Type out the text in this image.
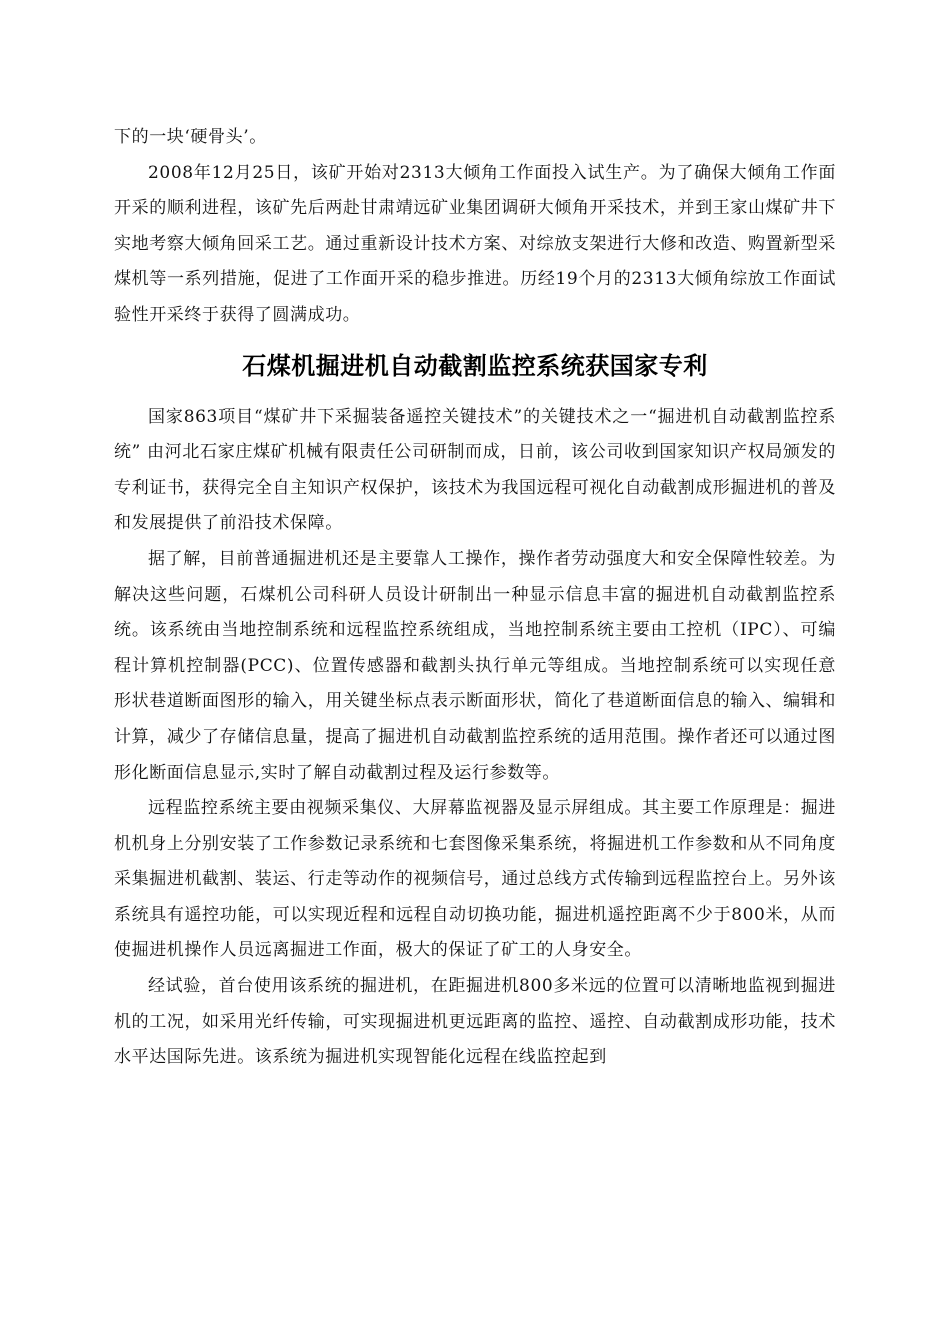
下的一块‘硬骨头’。

2008年12月25日，该矿开始对2313大倾角工作面投入试生产。为了确保大倾角工作面开采的顺利进程，该矿先后两赴甘肃靖远矿业集团调研大倾角开采技术，并到王家山煤矿井下实地考察大倾角回采工艺。通过重新设计技术方案、对综放支架进行大修和改造、购置新型采煤机等一系列措施，促进了工作面开采的稳步推进。历经19个月的2313大倾角综放工作面试验性开采终于获得了圆满成功。

石煤机掘进机自动截割监控系统获国家专利

国家863项目“煤矿井下采掘装备遥控关键技术”的关键技术之一“掘进机自动截割监控系统” 由河北石家庄煤矿机械有限责任公司研制而成，日前，该公司收到国家知识产权局颁发的专利证书，获得完全自主知识产权保护，该技术为我国远程可视化自动截割成形掘进机的普及和发展提供了前沿技术保障。

据了解，目前普通掘进机还是主要靠人工操作，操作者劳动强度大和安全保障性较差。为解决这些问题，石煤机公司科研人员设计研制出一种显示信息丰富的掘进机自动截割监控系统。该系统由当地控制系统和远程监控系统组成，当地控制系统主要由工控机（IPC）、可编程计算机控制器(PCC)、位置传感器和截割头执行单元等组成。当地控制系统可以实现任意形状巷道断面图形的输入，用关键坐标点表示断面形状，简化了巷道断面信息的输入、编辑和计算，减少了存储信息量，提高了掘进机自动截割监控系统的适用范围。操作者还可以通过图形化断面信息显示,实时了解自动截割过程及运行参数等。

远程监控系统主要由视频采集仪、大屏幕监视器及显示屏组成。其主要工作原理是：掘进机机身上分别安装了工作参数记录系统和七套图像采集系统，将掘进机工作参数和从不同角度采集掘进机截割、装运、行走等动作的视频信号，通过总线方式传输到远程监控台上。另外该系统具有遥控功能，可以实现近程和远程自动切换功能，掘进机遥控距离不少于800米，从而使掘进机操作人员远离掘进工作面，极大的保证了矿工的人身安全。

经试验，首台使用该系统的掘进机，在距掘进机800多米远的位置可以清晰地监视到掘进机的工况，如采用光纤传输，可实现掘进机更远距离的监控、遥控、自动截割成形功能，技术水平达国际先进。该系统为掘进机实现智能化远程在线监控起到
